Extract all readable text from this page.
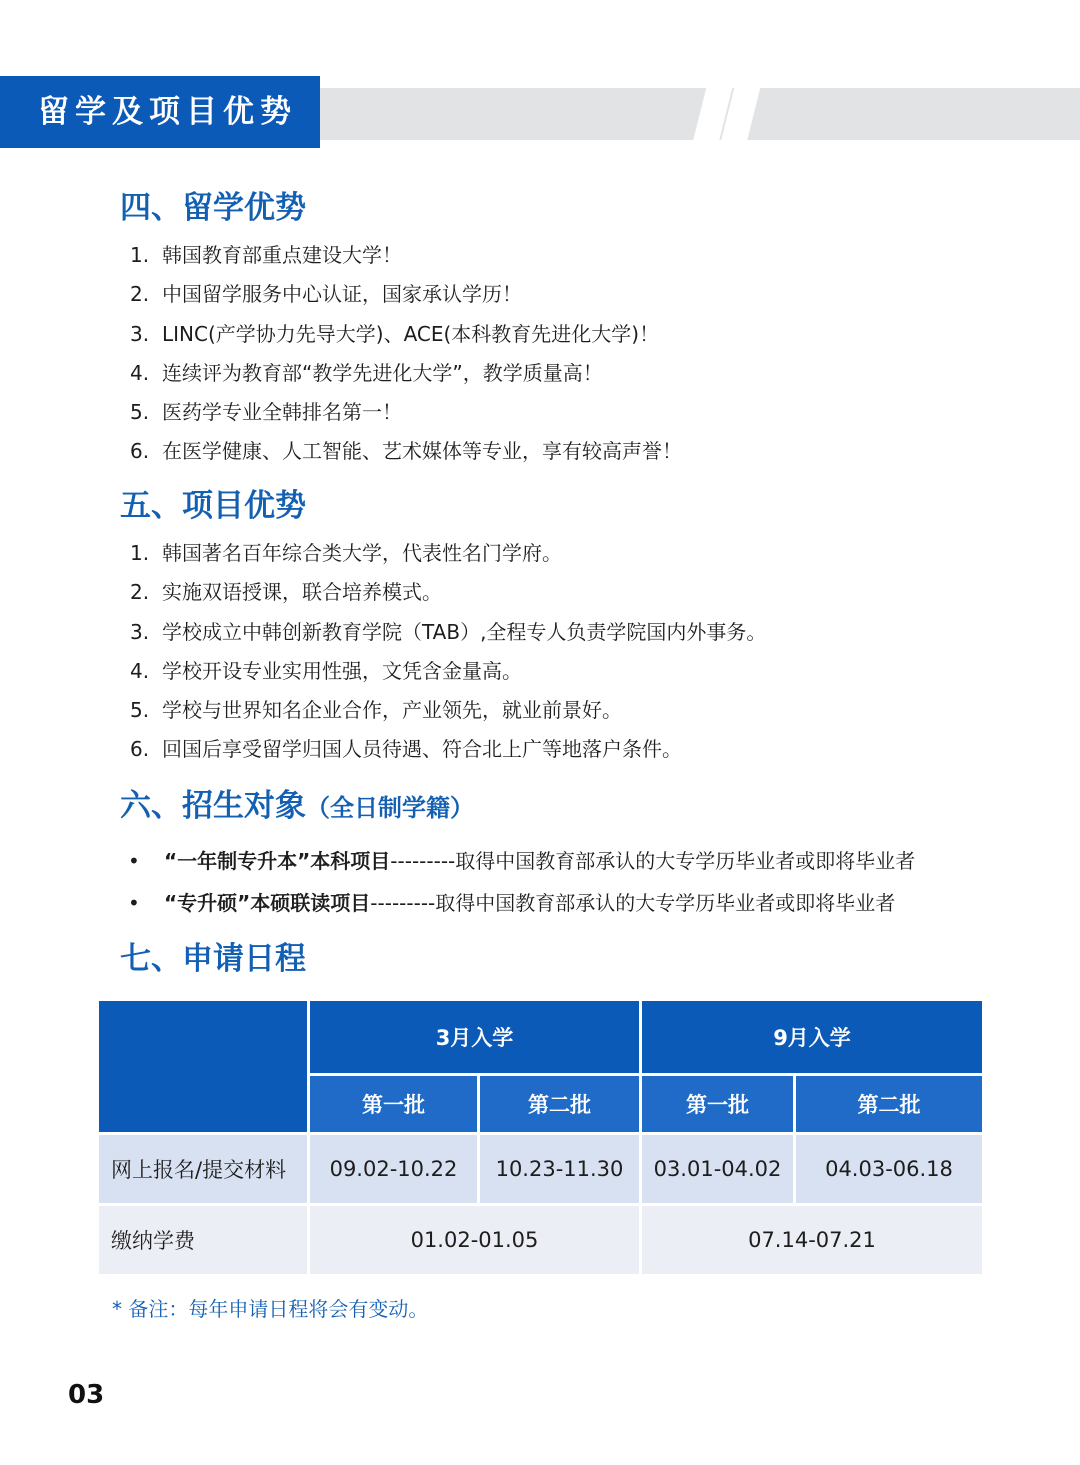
留学及项目优势
四、留学优势
1. 韩国教育部重点建设大学！
2. 中国留学服务中心认证，国家承认学历！
3. LINC(产学协力先导大学)、ACE(本科教育先进化大学)！
4. 连续评为教育部“教学先进化大学”，教学质量高！
5. 医药学专业全韩排名第一！
6. 在医学健康、人工智能、艺术媒体等专业，享有较高声誉！
五、项目优势
1. 韩国著名百年综合类大学，代表性名门学府。
2. 实施双语授课，联合培养模式。
3. 学校成立中韩创新教育学院（TAB）,全程专人负责学院国内外事务。
4. 学校开设专业实用性强，文凭含金量高。
5. 学校与世界知名企业合作，产业领先，就业前景好。
6. 回国后享受留学归国人员待遇、符合北上广等地落户条件。
六、招生对象（全日制学籍）
• “一年制专升本”本科项目---------取得中国教育部承认的大专学历毕业者或即将毕业者
• “专升硕”本硕联读项目---------取得中国教育部承认的大专学历毕业者或即将毕业者
七、申请日程
	3月入学		9月入学	
	第一批	第二批	第一批	第二批
网上报名/提交材料	09.02-10.22	10.23-11.30	03.01-04.02	04.03-06.18
缴纳学费	01.02-01.05		07.14-07.21	

* 备注：每年申请日程将会有变动。

03
